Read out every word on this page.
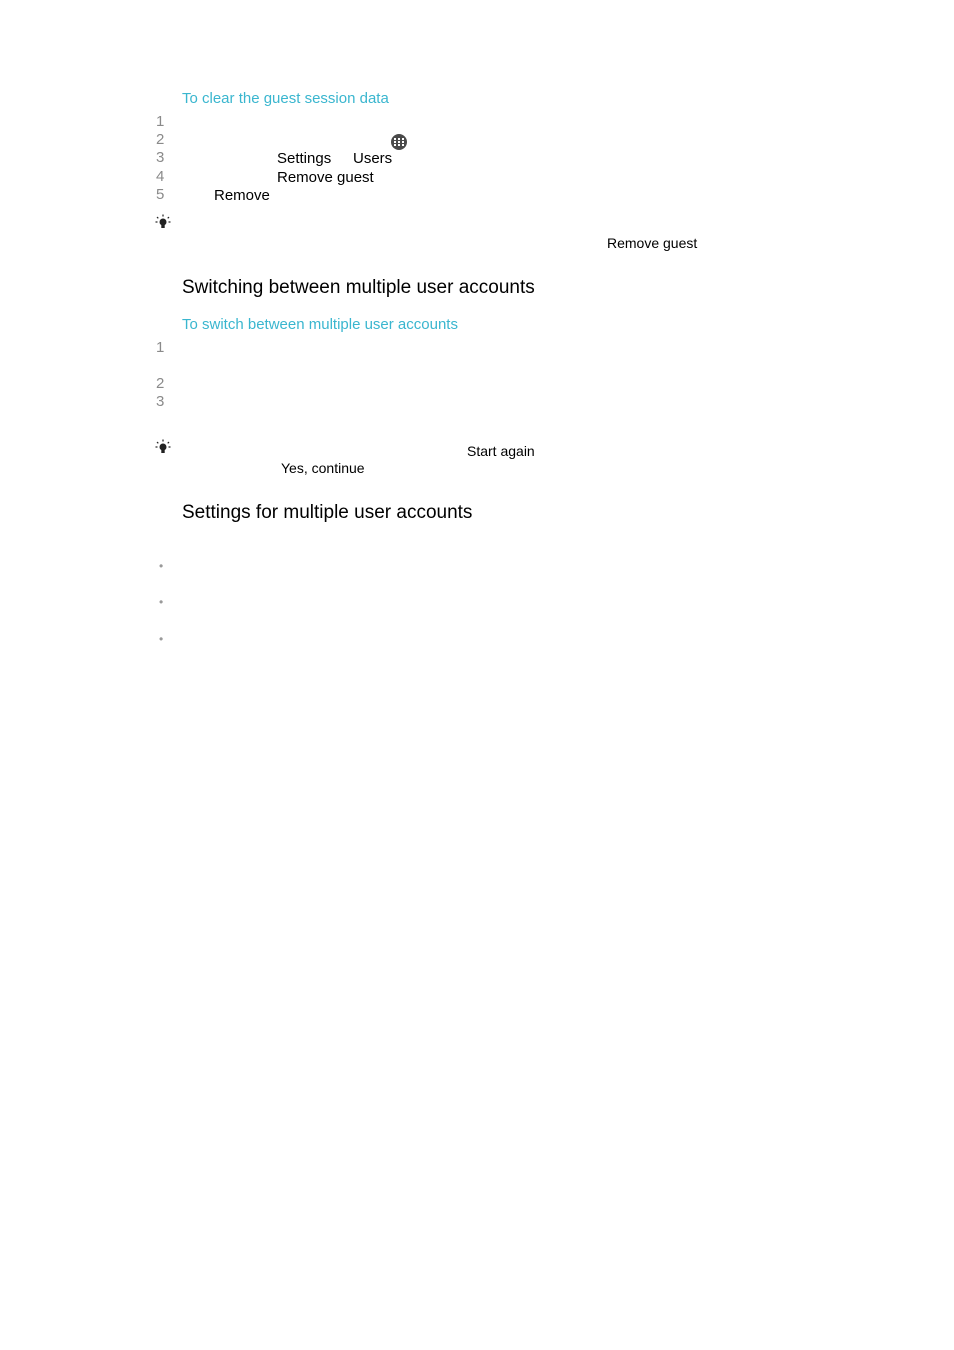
To clear the guest session data
1
2
3
4
5
Settings Users
Remove guest
Remove
Remove guest
Switching between multiple user accounts
To switch between multiple user accounts
1
2
3
Start again
Yes, continue
Settings for multiple user accounts
•
•
•
